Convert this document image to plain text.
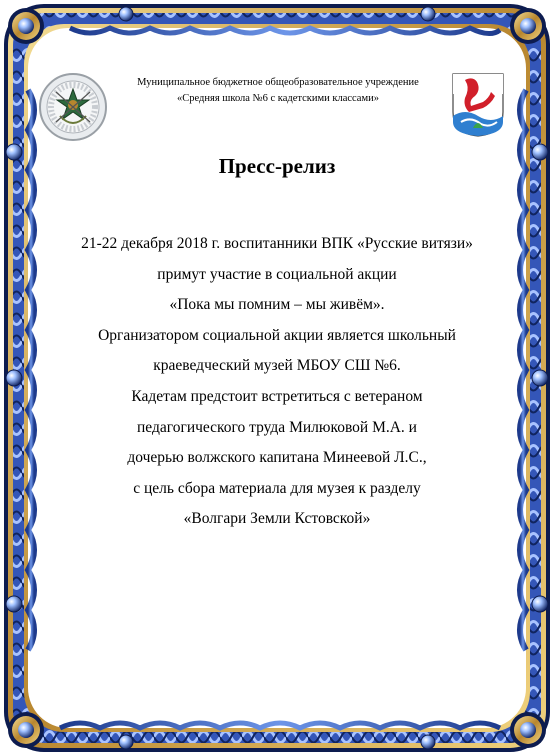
Муниципальное бюджетное общеобразовательное учреждение
«Средняя школа №6 с кадетскими классами»
Пресс-релиз
21-22 декабря 2018 г. воспитанники ВПК «Русские витязи»
примут участие в социальной акции
«Пока мы помним – мы живём».
Организатором социальной акции является школьный
краеведческий музей МБОУ СШ №6.
Кадетам предстоит встретиться с ветераном
педагогического труда Милюковой М.А. и
дочерью волжского капитана Минеевой Л.С.,
с цель сбора материала для музея к разделу
«Волгари Земли Кстовской»
